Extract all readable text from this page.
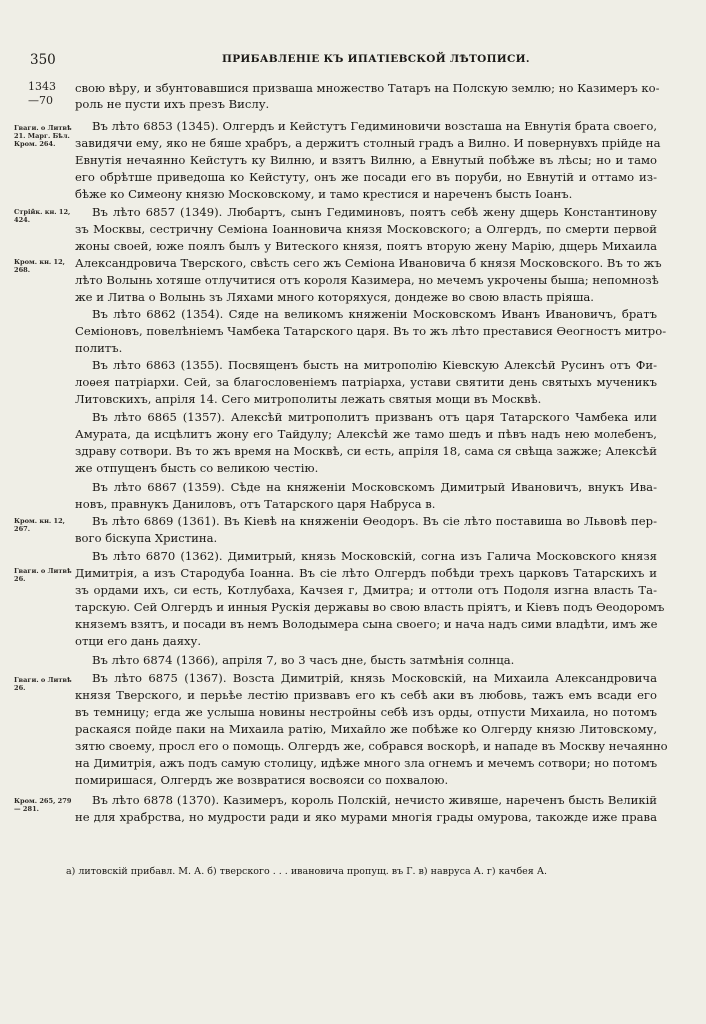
350	ПРИБАВЛЕНІЕ КЪ ИПАТІЕВСКОЙ ЛѢТОПИСИ.
1343 —70
Гваги. о Литвѣ 21. Марг. Бѣл. Кром. 264.
Стрійк. кн. 12, 424.
Кром. кн. 12, 268.
Кром. кн. 12, 267.
Гваги. о Литвѣ 26.
Гваги. о Литвѣ 26.
Кром. 265, 279 — 281.
свою вѣру, и збунтовавшися призваша множество Татаръ на Полскую землю; но Казимеръ ко-
роль не пусти ихъ презъ Вислу.
Въ лѣто 6853 (1345). Олгердъ и Кейстутъ Гедиминовичи возсташа на Евнутія брата своего,
завидячи ему, яко не бяше храбръ, а держитъ столный градъ а Вилно. И повернувхъ прійде на
Евнутія нечаянно Кейстутъ ку Вилню, и взятъ Вилню, а Евнутый побѣже въ лѣсы; но и тамо
его обрѣтше приведоша ко Кейстуту, онъ же посади его въ поруби, но Евнутій и оттамо из-
бѣже ко Симеону князю Московскому, и тамо крестися и нареченъ бысть Іоанъ.
Въ лѣто 6857 (1349). Любартъ, сынъ Гедиминовъ, поятъ себѣ жену дщерь Константинову
зъ Москвы, сестричну Семіона Іоанновича князя Московского; а Олгердъ, по смерти первой
жоны своей, юже поялъ былъ у Витеского князя, поятъ вторую жену Марію, дщерь Михаила
Александровича Тверского, свѣсть сего жъ Семіона Ивановича б князя Московского. Въ то жъ
лѣто Волынь хотяше отлучитися отъ короля Казимера, но мечемъ укрочены быша; непомнозѣ
же и Литва о Волынь зъ Ляхами много которяхуся, дондеже во свою власть пріяша.
Въ лѣто 6862 (1354). Сяде на великомъ княженіи Московскомъ Иванъ Ивановичъ, братъ
Семіоновъ, повелѣніемъ Чамбека Татарского царя. Въ то жъ лѣто преставися Ѳеогностъ митро-
политъ.
Въ лѣто 6863 (1355). Посвященъ бысть на митрополію Кіевскую Алексѣй Русинъ отъ Фи-
лоѳея патріархи. Сей, за благословеніемъ патріарха, устави святити день святыхъ мученикъ
Литовскихъ, апріля 14. Сего митрополиты лежать святыя мощи въ Москвѣ.
Въ лѣто 6865 (1357). Алексѣй митрополитъ призванъ отъ царя Татарского Чамбека или
Амурата, да исцѣлитъ жону его Тайдулу; Алексѣй же тамо шедъ и пѣвъ надъ нею молебенъ,
здраву сотвори. Въ то жъ время на Москвѣ, си есть, апріля 18, сама ся свѣща зажже; Алексѣй
же отпущенъ бысть со великою честію.
Въ лѣто 6867 (1359). Сѣде на княженіи Московскомъ Димитрый Ивановичъ, внукъ Ива-
новъ, правнукъ Даниловъ, отъ Татарского царя Набруса в.
Въ лѣто 6869 (1361). Въ Кіевѣ на княженіи Ѳеодоръ. Въ сіе лѣто поставиша во Львовѣ пер-
вого біскупа Христина.
Въ лѣто 6870 (1362). Димитрый, князь Московскій, согна изъ Галича Московского князя
Димитрія, а изъ Стародуба Іоанна. Въ сіе лѣто Олгердъ побѣди трехъ царковъ Татарскихъ и
зъ ордами ихъ, си есть, Котлубаха, Качзея г, Дмитра; и оттоли отъ Подоля изгна власть Та-
тарскую. Сей Олгердъ и инныя Рускія державы во свою власть пріятъ, и Кіевъ подъ Ѳеодоромъ
княземъ взятъ, и посади въ немъ Володымера сына своего; и нача надъ сими владѣти, имъ же
отци его дань даяху.
Въ лѣто 6874 (1366), апріля 7, во 3 часъ дне, бысть затмѣнія солнца.
Въ лѣто 6875 (1367). Возста Димитрій, князь Московскій, на Михаила Александровича
князя Тверского, и перьѣе лестію призвавъ его къ себѣ аки въ любовь, тажъ емъ всади его
въ темницу; егда же услыша новины нестройны себѣ изъ орды, отпусти Михаила, но потомъ
раскаяся пойде паки на Михаила ратію, Михайло же побѣже ко Олгерду князю Литовскому,
зятю своему, просл его о помощь. Олгердъ же, собрався воскорѣ, и нападе въ Москву нечаянно
на Димитрія, ажъ подъ самую столицу, идѣже много зла огнемъ и мечемъ сотвори; но потомъ
помиришася, Олгердъ же возвратися восвояси со похвалою.
Въ лѣто 6878 (1370). Казимеръ, король Полскій, нечисто живяше, нареченъ бысть Великій
не для храбрства, но мудрости ради и яко мурами многія грады омурова, такожде иже права
а) литовскій прибавл. М. А. б) тверского . . . ивановича пропущ. въ Г. в) навруса А. г) качбея А.
